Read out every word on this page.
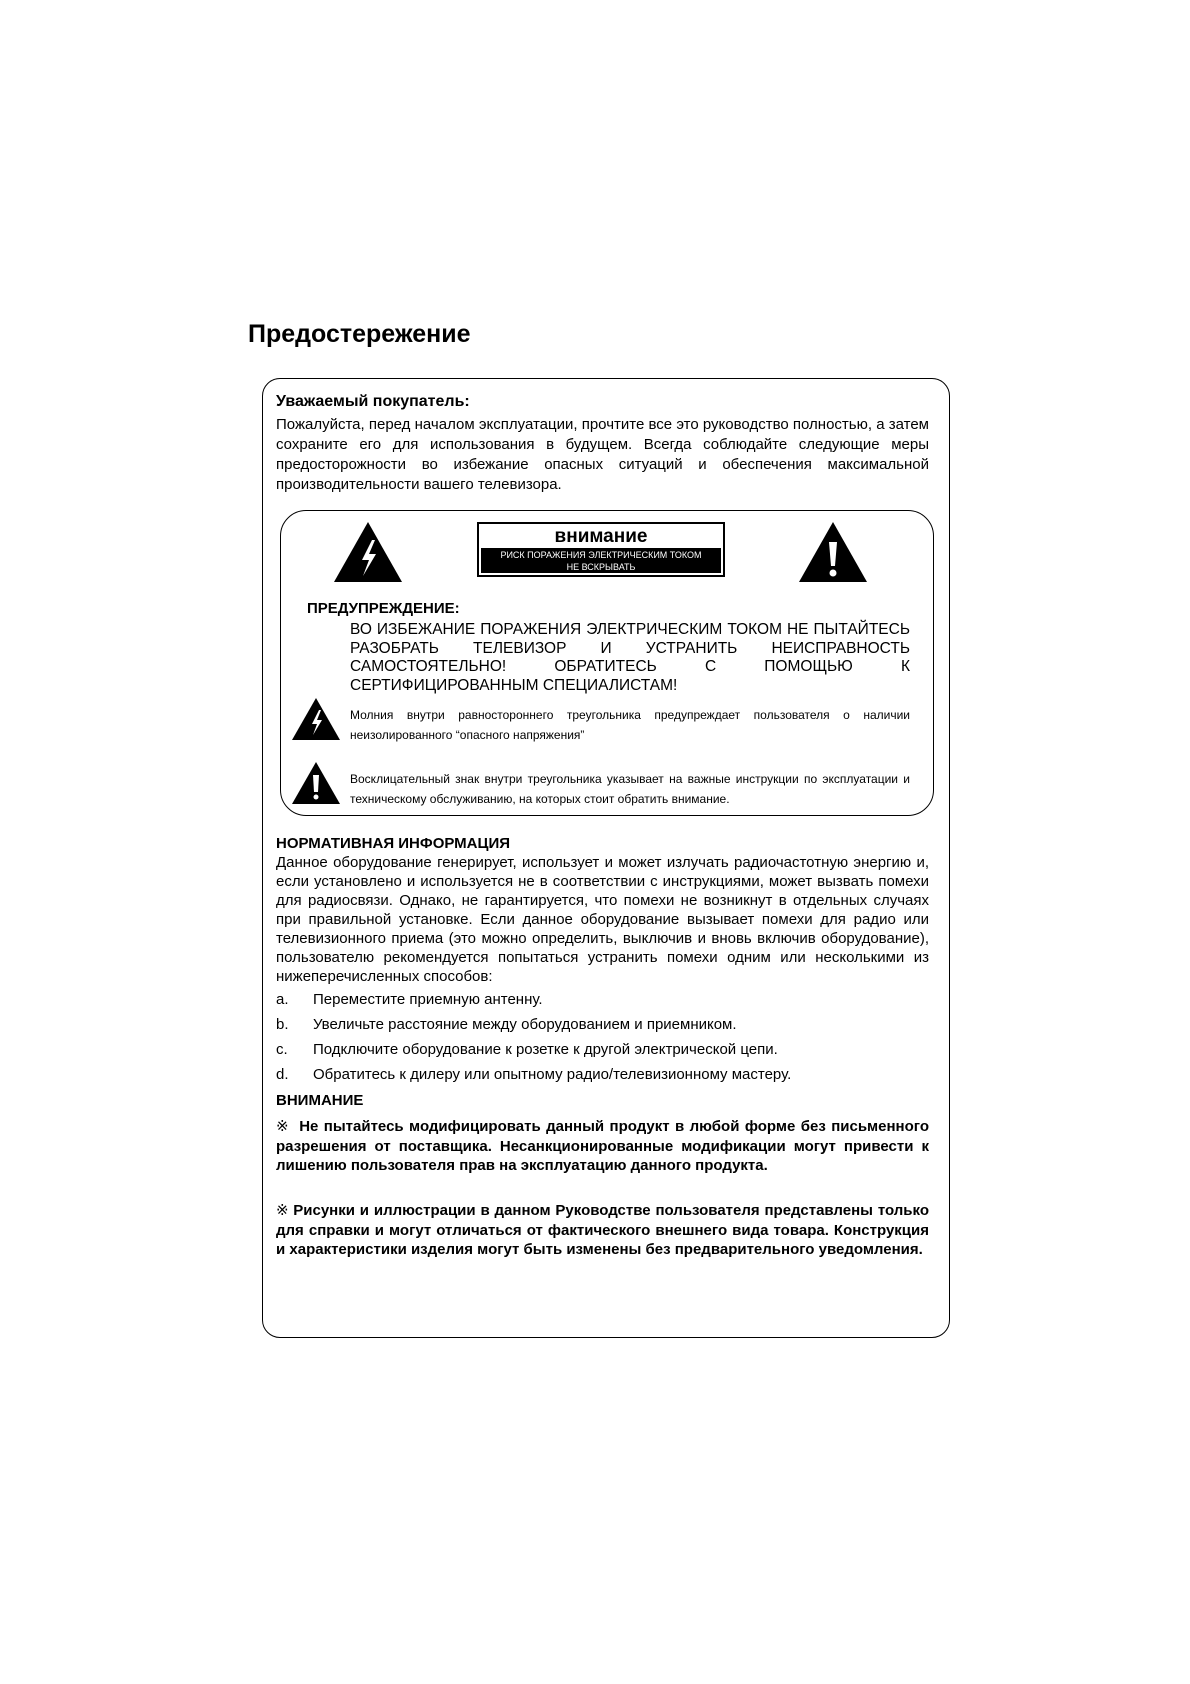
Предостережение
Уважаемый покупатель:

Пожалуйста, перед началом эксплуатации, прочтите все это руководство полностью, а затем сохраните его для использования в будущем. Всегда соблюдайте следующие меры предосторожности во избежание опасных ситуаций и обеспечения максимальной производительности вашего телевизора.

внимание
РИСК ПОРАЖЕНИЯ ЭЛЕКТРИЧЕСКИМ ТОКОМ
НЕ ВСКРЫВАТЬ
ПРЕДУПРЕЖДЕНИЕ:

ВО ИЗБЕЖАНИЕ ПОРАЖЕНИЯ ЭЛЕКТРИЧЕСКИМ ТОКОМ НЕ ПЫТАЙТЕСЬ РАЗОБРАТЬ ТЕЛЕВИЗОР И УСТРАНИТЬ НЕИСПРАВНОСТЬ САМОСТОЯТЕЛЬНО! ОБРАТИТЕСЬ С ПОМОЩЬЮ К СЕРТИФИЦИРОВАННЫМ СПЕЦИАЛИСТАМ!

Молния внутри равностороннего треугольника предупреждает пользователя о наличии неизолированного “опасного напряжения”

Восклицательный знак внутри треугольника указывает на важные инструкции по эксплуатации и техническому обслуживанию, на которых стоит обратить внимание.

НОРМАТИВНАЯ ИНФОРМАЦИЯ

Данное оборудование генерирует, использует и может излучать радиочастотную энергию и, если установлено и используется не в соответствии с инструкциями, может вызвать помехи для радиосвязи. Однако, не гарантируется, что помехи не возникнут в отдельных случаях при правильной установке. Если данное оборудование вызывает помехи для радио или телевизионного приема (это можно определить, выключив и вновь включив оборудование), пользователю рекомендуется попытаться устранить помехи одним или несколькими из нижеперечисленных способов:

a. Переместите приемную антенну.
b. Увеличьте расстояние между оборудованием и приемником.
c. Подключите оборудование к розетке к другой электрической цепи.
d. Обратитесь к дилеру или опытному радио/телевизионному мастеру.
ВНИМАНИЕ

※ Не пытайтесь модифицировать данный продукт в любой форме без письменного разрешения от поставщика. Несанкционированные модификации могут привести к лишению пользователя прав на эксплуатацию данного продукта.

※ Рисунки и иллюстрации в данном Руководстве пользователя представлены только для справки и могут отличаться от фактического внешнего вида товара. Конструкция и характеристики изделия могут быть изменены без предварительного уведомления.
